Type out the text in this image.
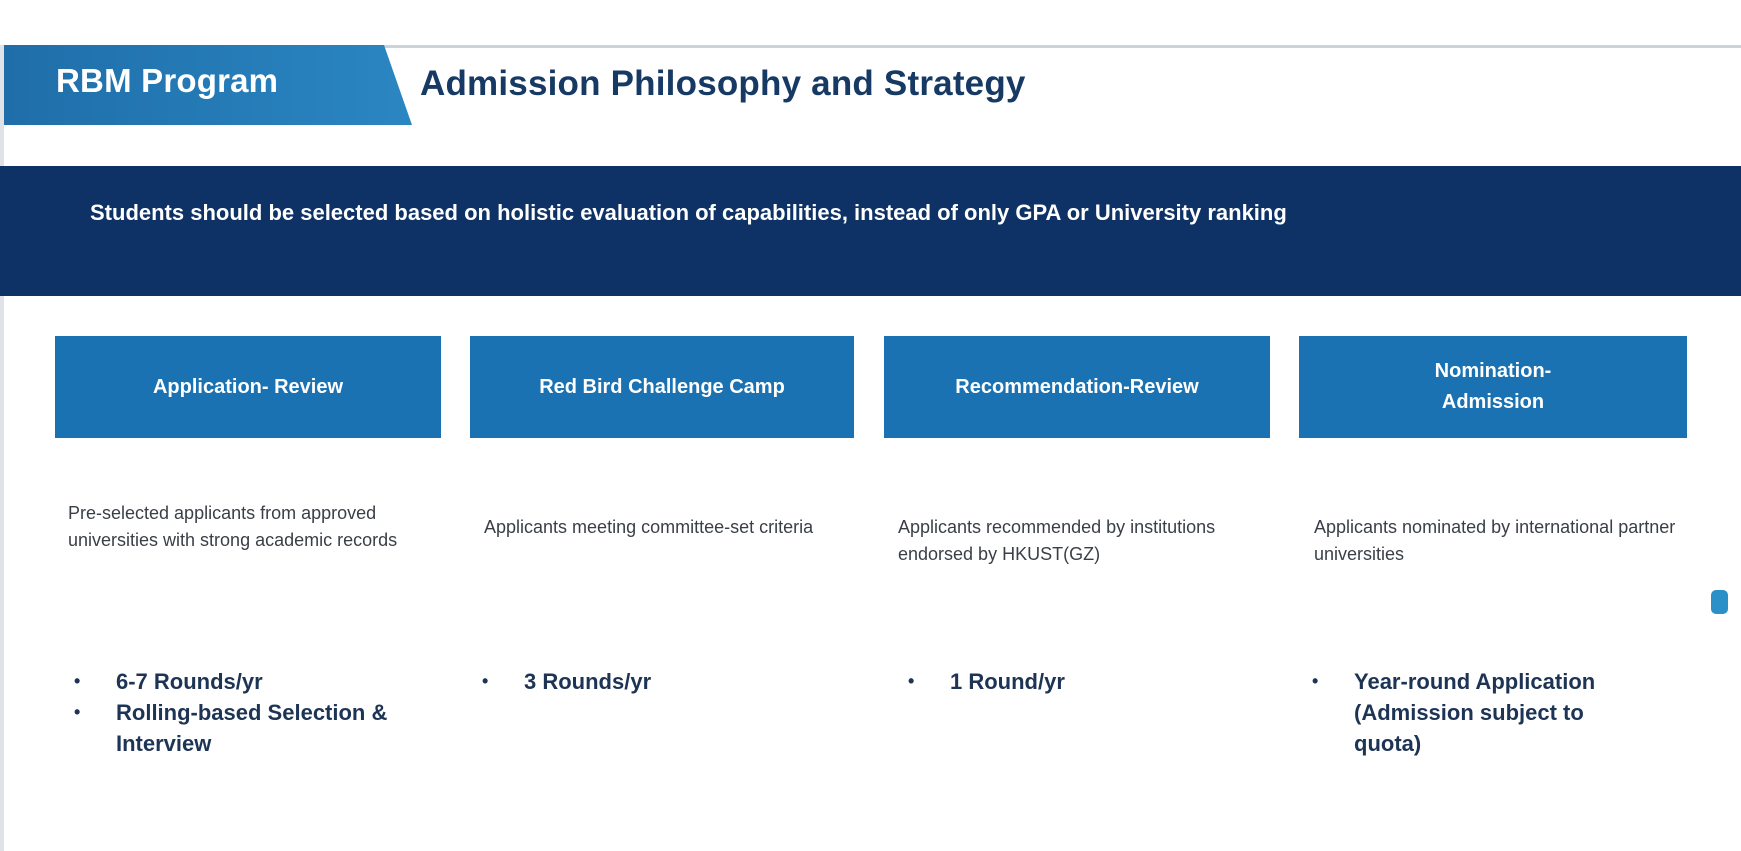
RBM Program	Admission Philosophy and Strategy
Students should be selected based on holistic evaluation of capabilities, instead of only GPA or University ranking
Application- Review
Pre-selected applicants from approved universities with strong academic records
•	6-7 Rounds/yr
•	Rolling-based Selection & Interview
Red Bird Challenge Camp
Applicants meeting committee-set criteria
•	3 Rounds/yr
Recommendation-Review
Applicants recommended by institutions endorsed by HKUST(GZ)
•	1 Round/yr
Nomination-Admission
Applicants nominated by international partner universities
•	Year-round Application (Admission subject to quota)
